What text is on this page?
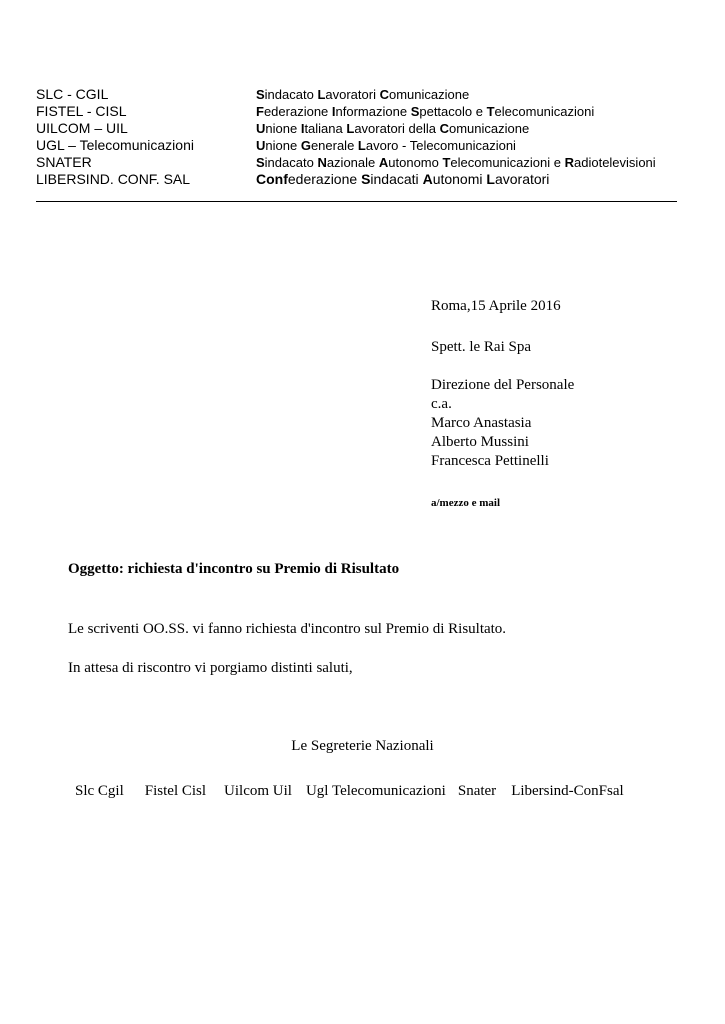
SLC - CGIL	Sindacato Lavoratori Comunicazione
FISTEL - CISL	Federazione Informazione Spettacolo e Telecomunicazioni
UILCOM – UIL	Unione Italiana Lavoratori della Comunicazione
UGL – Telecomunicazioni	Unione Generale Lavoro - Telecomunicazioni
SNATER	Sindacato Nazionale Autonomo Telecomunicazioni e Radiotelevisioni
LIBERSIND. CONF. SAL	Confederazione Sindacati Autonomi Lavoratori
Roma,15 Aprile 2016
Spett. le Rai Spa
Direzione del Personale
c.a.
Marco Anastasia
Alberto Mussini
Francesca Pettinelli
a/mezzo e mail
Oggetto: richiesta d'incontro su Premio di Risultato
Le scriventi OO.SS. vi fanno richiesta d'incontro sul Premio di Risultato.
In attesa di riscontro vi porgiamo distinti saluti,
Le Segreterie Nazionali
Slc Cgil Fistel Cisl Uilcom Uil Ugl Telecomunicazioni Snater Libersind-ConFsal
